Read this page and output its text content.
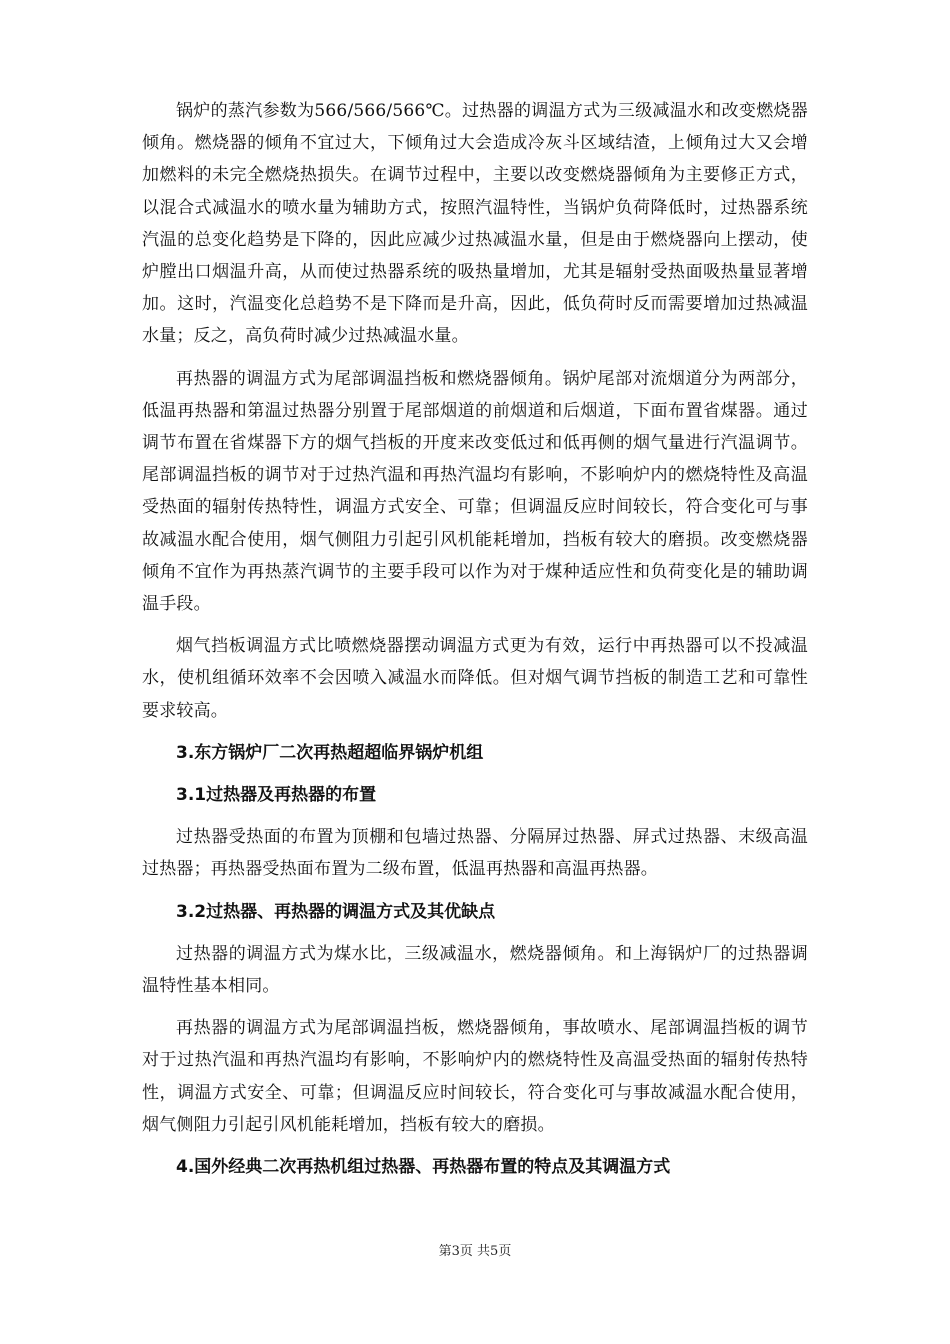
锅炉的蒸汽参数为566/566/566℃。过热器的调温方式为三级减温水和改变燃烧器倾角。燃烧器的倾角不宜过大，下倾角过大会造成冷灰斗区域结渣，上倾角过大又会增加燃料的未完全燃烧热损失。在调节过程中，主要以改变燃烧器倾角为主要修正方式，以混合式减温水的喷水量为辅助方式，按照汽温特性，当锅炉负荷降低时，过热器系统汽温的总变化趋势是下降的，因此应减少过热减温水量，但是由于燃烧器向上摆动，使炉膛出口烟温升高，从而使过热器系统的吸热量增加，尤其是辐射受热面吸热量显著增加。这时，汽温变化总趋势不是下降而是升高，因此，低负荷时反而需要增加过热减温水量；反之，高负荷时减少过热减温水量。

再热器的调温方式为尾部调温挡板和燃烧器倾角。锅炉尾部对流烟道分为两部分，低温再热器和第温过热器分别置于尾部烟道的前烟道和后烟道，下面布置省煤器。通过调节布置在省煤器下方的烟气挡板的开度来改变低过和低再侧的烟气量进行汽温调节。尾部调温挡板的调节对于过热汽温和再热汽温均有影响，不影响炉内的燃烧特性及高温受热面的辐射传热特性，调温方式安全、可靠；但调温反应时间较长，符合变化可与事故减温水配合使用，烟气侧阻力引起引风机能耗增加，挡板有较大的磨损。改变燃烧器倾角不宜作为再热蒸汽调节的主要手段可以作为对于煤种适应性和负荷变化是的辅助调温手段。

烟气挡板调温方式比喷燃烧器摆动调温方式更为有效，运行中再热器可以不投减温水，使机组循环效率不会因喷入减温水而降低。但对烟气调节挡板的制造工艺和可靠性要求较高。

3.东方锅炉厂二次再热超超临界锅炉机组

3.1过热器及再热器的布置

过热器受热面的布置为顶棚和包墙过热器、分隔屏过热器、屏式过热器、末级高温过热器；再热器受热面布置为二级布置，低温再热器和高温再热器。

3.2过热器、再热器的调温方式及其优缺点

过热器的调温方式为煤水比，三级减温水，燃烧器倾角。和上海锅炉厂的过热器调温特性基本相同。

再热器的调温方式为尾部调温挡板，燃烧器倾角，事故喷水、尾部调温挡板的调节对于过热汽温和再热汽温均有影响，不影响炉内的燃烧特性及高温受热面的辐射传热特性，调温方式安全、可靠；但调温反应时间较长，符合变化可与事故减温水配合使用，烟气侧阻力引起引风机能耗增加，挡板有较大的磨损。

4.国外经典二次再热机组过热器、再热器布置的特点及其调温方式

第3页 共5页
